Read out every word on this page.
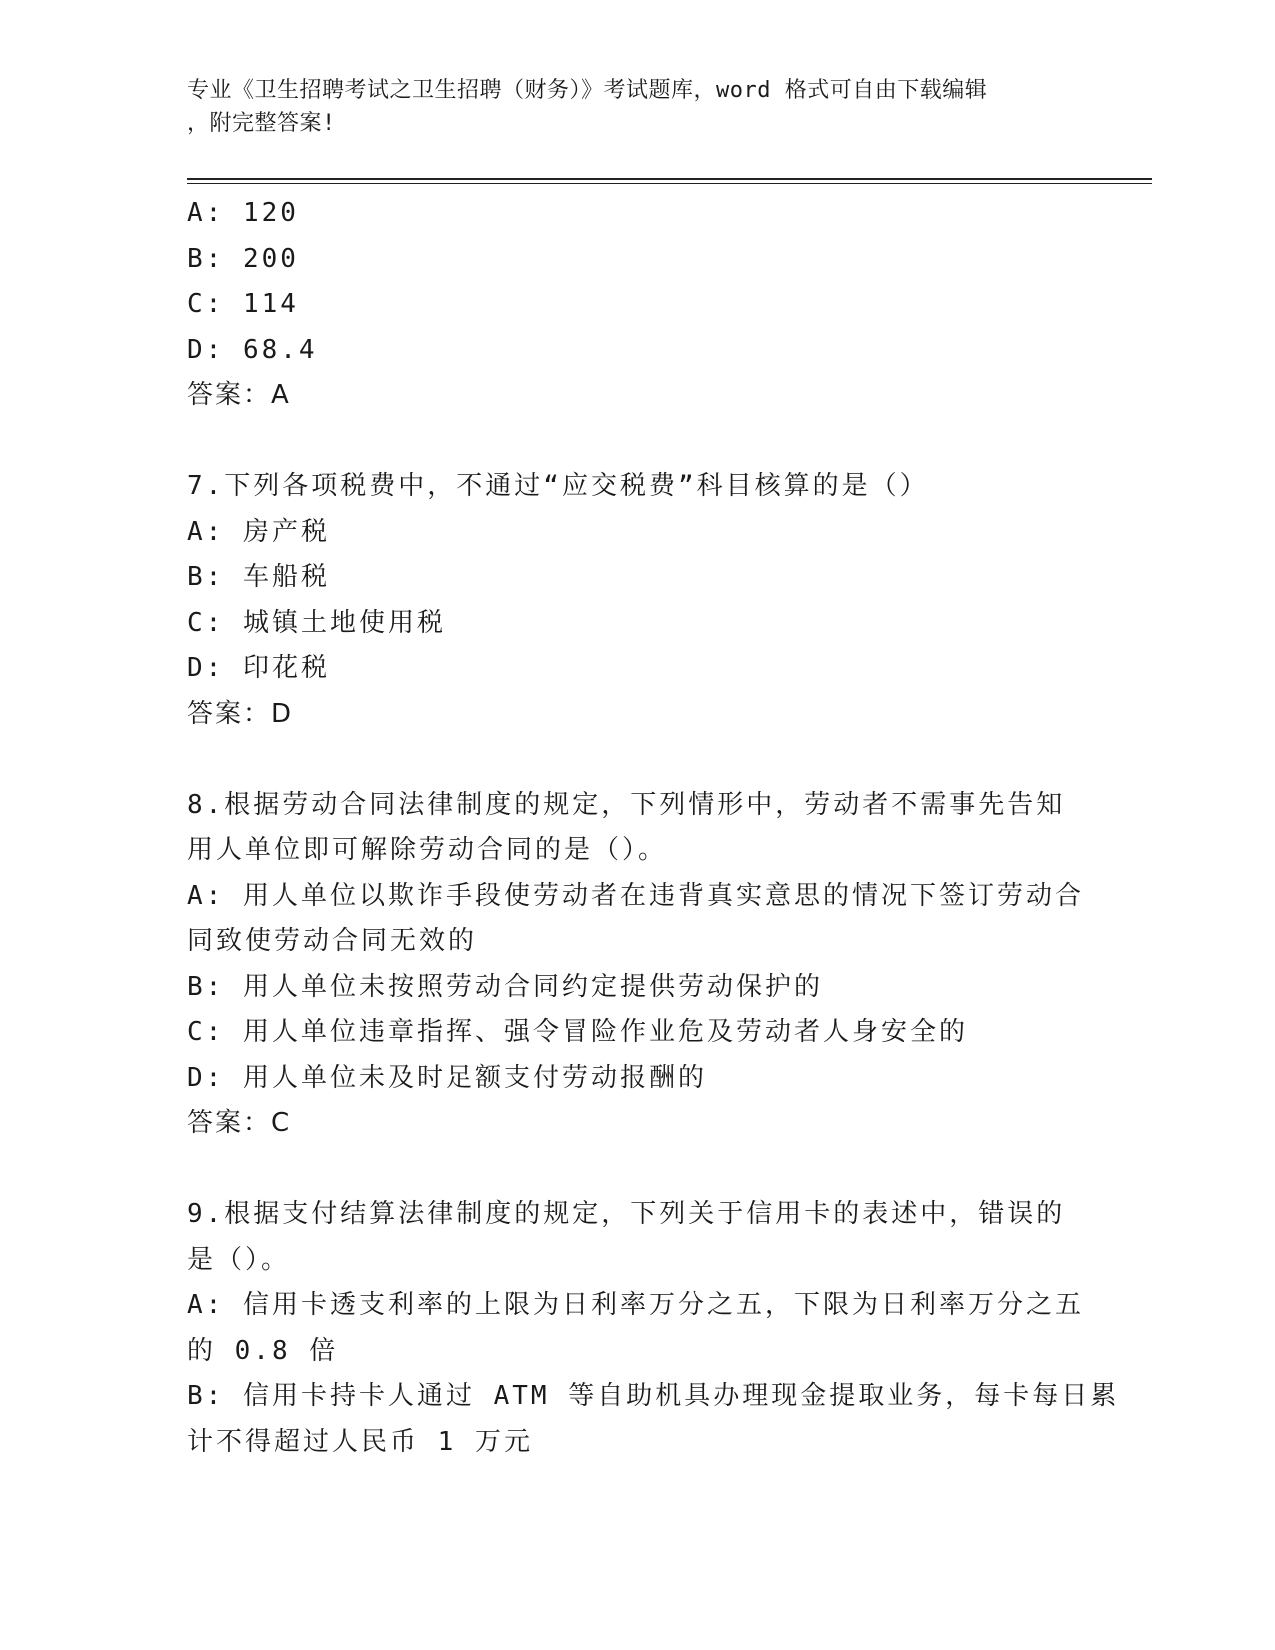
专业《卫生招聘考试之卫生招聘（财务）》考试题库，word 格式可自由下载编辑
，附完整答案!
A: 120
B: 200
C: 114
D: 68.4
答案：A
7.下列各项税费中，不通过“应交税费”科目核算的是（）
A: 房产税
B: 车船税
C: 城镇土地使用税
D: 印花税
答案：D
8.根据劳动合同法律制度的规定，下列情形中，劳动者不需事先告知
用人单位即可解除劳动合同的是（）。
A: 用人单位以欺诈手段使劳动者在违背真实意思的情况下签订劳动合
同致使劳动合同无效的
B: 用人单位未按照劳动合同约定提供劳动保护的
C: 用人单位违章指挥、强令冒险作业危及劳动者人身安全的
D: 用人单位未及时足额支付劳动报酬的
答案：C
9.根据支付结算法律制度的规定，下列关于信用卡的表述中，错误的
是（）。
A: 信用卡透支利率的上限为日利率万分之五，下限为日利率万分之五
的 0.8 倍
B: 信用卡持卡人通过 ATM 等自助机具办理现金提取业务，每卡每日累
计不得超过人民币 1 万元
